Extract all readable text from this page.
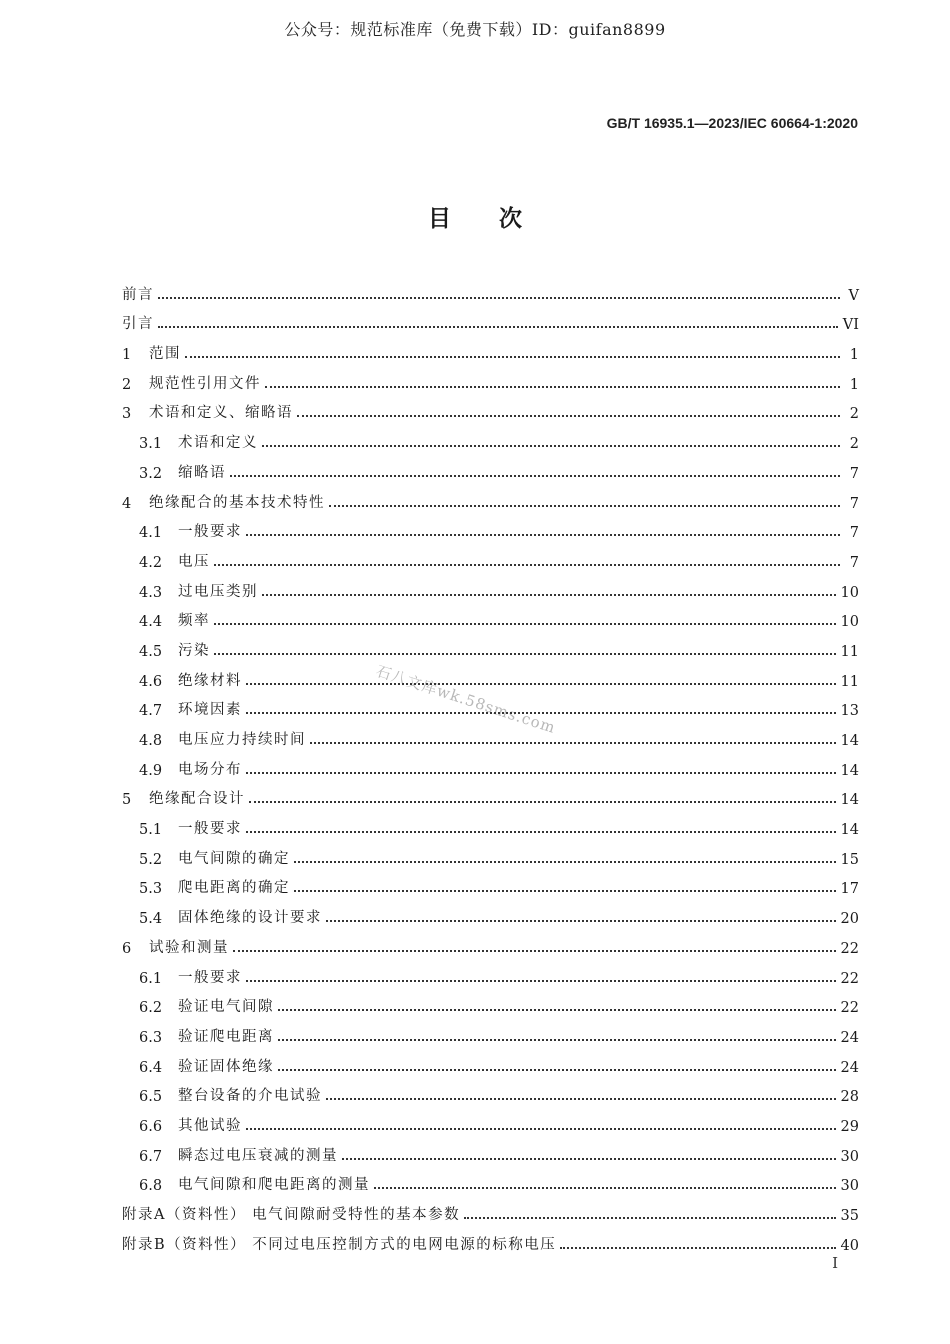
公众号：规范标准库（免费下载）ID：guifan8899
GB/T 16935.1—2023/IEC 60664-1:2020
目次
石八文库wk.58sms.com
前言	V
引言	VI
1	范围	1
2	规范性引用文件	1
3	术语和定义、缩略语	2
3.1	术语和定义	2
3.2	缩略语	7
4	绝缘配合的基本技术特性	7
4.1	一般要求	7
4.2	电压	7
4.3	过电压类别	10
4.4	频率	10
4.5	污染	11
4.6	绝缘材料	11
4.7	环境因素	13
4.8	电压应力持续时间	14
4.9	电场分布	14
5	绝缘配合设计	14
5.1	一般要求	14
5.2	电气间隙的确定	15
5.3	爬电距离的确定	17
5.4	固体绝缘的设计要求	20
6	试验和测量	22
6.1	一般要求	22
6.2	验证电气间隙	22
6.3	验证爬电距离	24
6.4	验证固体绝缘	24
6.5	整台设备的介电试验	28
6.6	其他试验	29
6.7	瞬态过电压衰减的测量	30
6.8	电气间隙和爬电距离的测量	30
附录A（资料性） 电气间隙耐受特性的基本参数	35
附录B（资料性） 不同过电压控制方式的电网电源的标称电压	40
I
